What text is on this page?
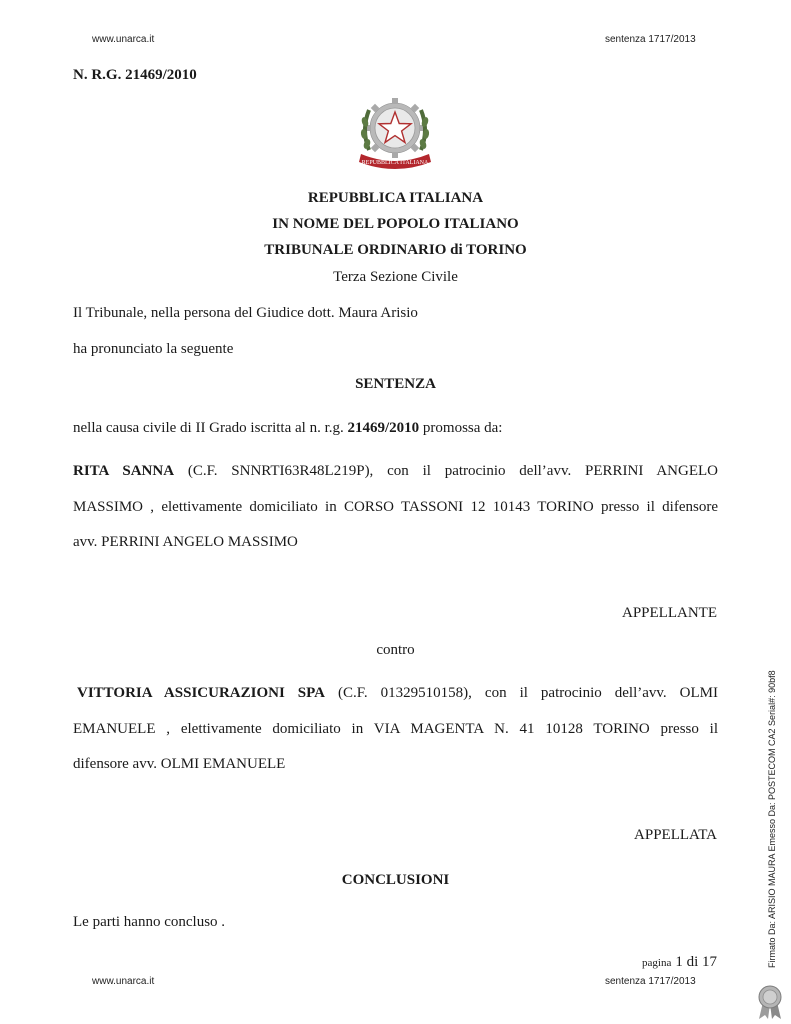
www.unarca.it	sentenza 1717/2013
N. R.G. 21469/2010
REPUBBLICA ITALIANA
REPUBBLICA ITALIANA
IN NOME DEL POPOLO ITALIANO
TRIBUNALE ORDINARIO di TORINO
Terza Sezione Civile
Il Tribunale, nella persona del Giudice dott. Maura Arisio
ha pronunciato la seguente
SENTENZA
nella causa civile di II Grado iscritta al n. r.g. 21469/2010 promossa da:
RITA SANNA (C.F. SNNRTI63R48L219P), con il patrocinio dell’avv. PERRINI ANGELO
MASSIMO , elettivamente domiciliato in CORSO TASSONI 12 10143 TORINO presso il difensore
avv. PERRINI ANGELO MASSIMO
APPELLANTE
contro
VITTORIA ASSICURAZIONI SPA (C.F. 01329510158), con il patrocinio dell’avv. OLMI
EMANUELE , elettivamente domiciliato in VIA MAGENTA N. 41 10128 TORINO presso il
difensore avv. OLMI EMANUELE
APPELLATA
CONCLUSIONI
Le parti hanno concluso .
pagina 1 di 17
www.unarca.it	sentenza 1717/2013
Firmato Da: ARISIO MAURA Emesso Da: POSTECOM CA2 Serial#: 90bf8
